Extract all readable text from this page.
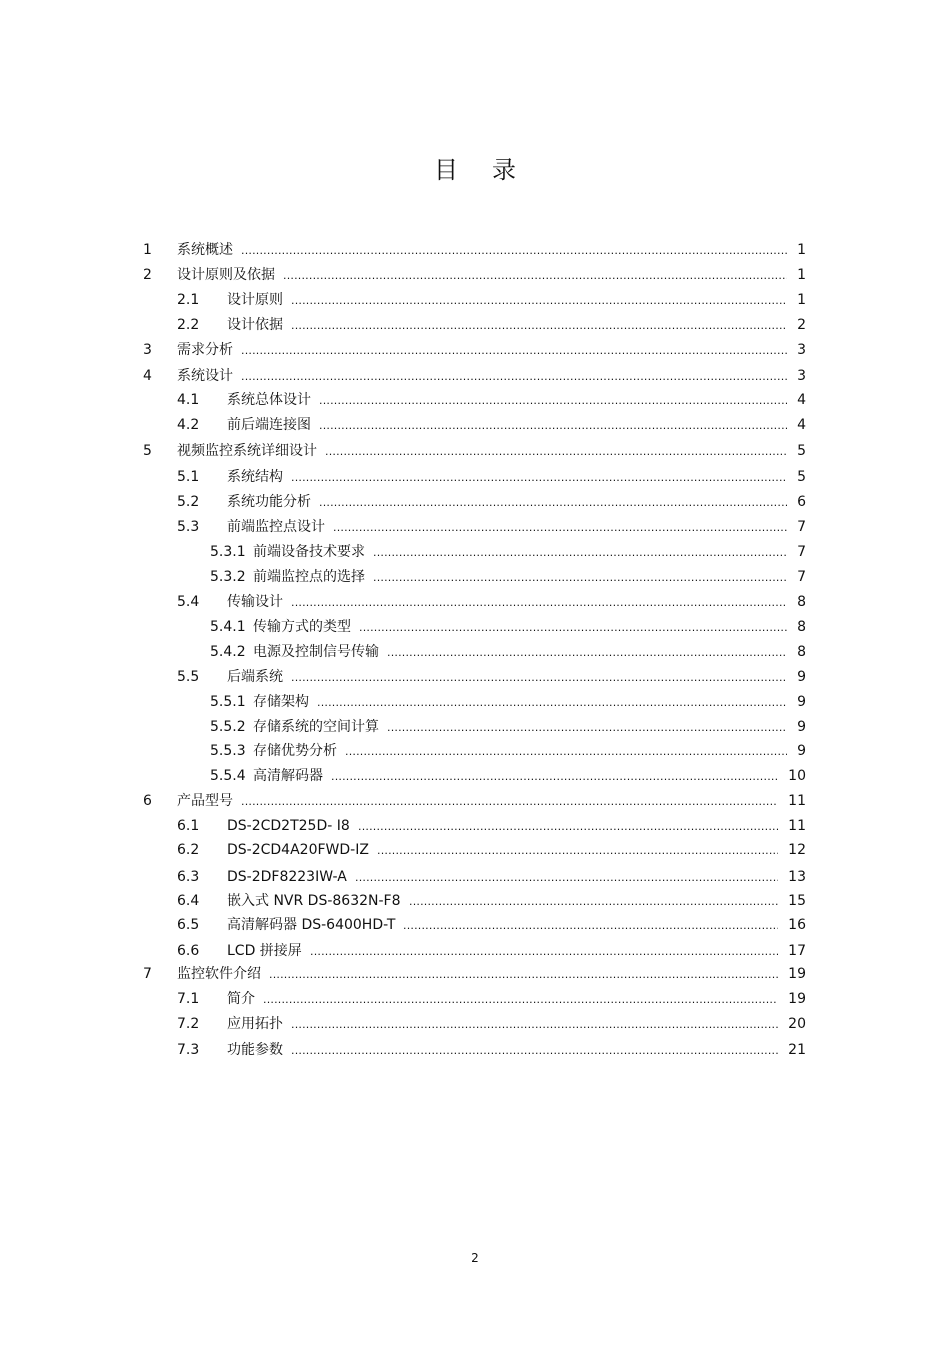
目 录
1 系统概述 .....	1
2 设计原则及依据 .....	1
2.1 设计原则 .....	1
2.2 设计依据 .....	2
3 需求分析 .....	3
4 系统设计 .....	3
4.1 系统总体设计 .....	4
4.2 前后端连接图 .....	4
5 视频监控系统详细设计 .....	5
5.1 系统结构 .....	5
5.2 系统功能分析 .....	6
5.3 前端监控点设计 .....	7
5.3.1 前端设备技术要求 .....	7
5.3.2 前端监控点的选择 .....	7
5.4 传输设计 .....	8
5.4.1 传输方式的类型 .....	8
5.4.2 电源及控制信号传输 .....	8
5.5 后端系统 .....	9
5.5.1 存储架构 .....	9
5.5.2 存储系统的空间计算 .....	9
5.5.3 存储优势分析 .....	9
5.5.4 高清解码器 .....	10
6 产品型号 .....	11
6.1 DS-2CD2T25D- I8 .....	11
6.2 DS-2CD4A20FWD-IZ .....	12
6.3 DS-2DF8223IW-A .....	13
6.4 嵌入式 NVR DS-8632N-F8 .....	15
6.5 高清解码器 DS-6400HD-T .....	16
6.6 LCD 拼接屏 .....	17
7 监控软件介绍 .....	19
7.1 简介 .....	19
7.2 应用拓扑 .....	20
7.3 功能参数 .....	21
2
